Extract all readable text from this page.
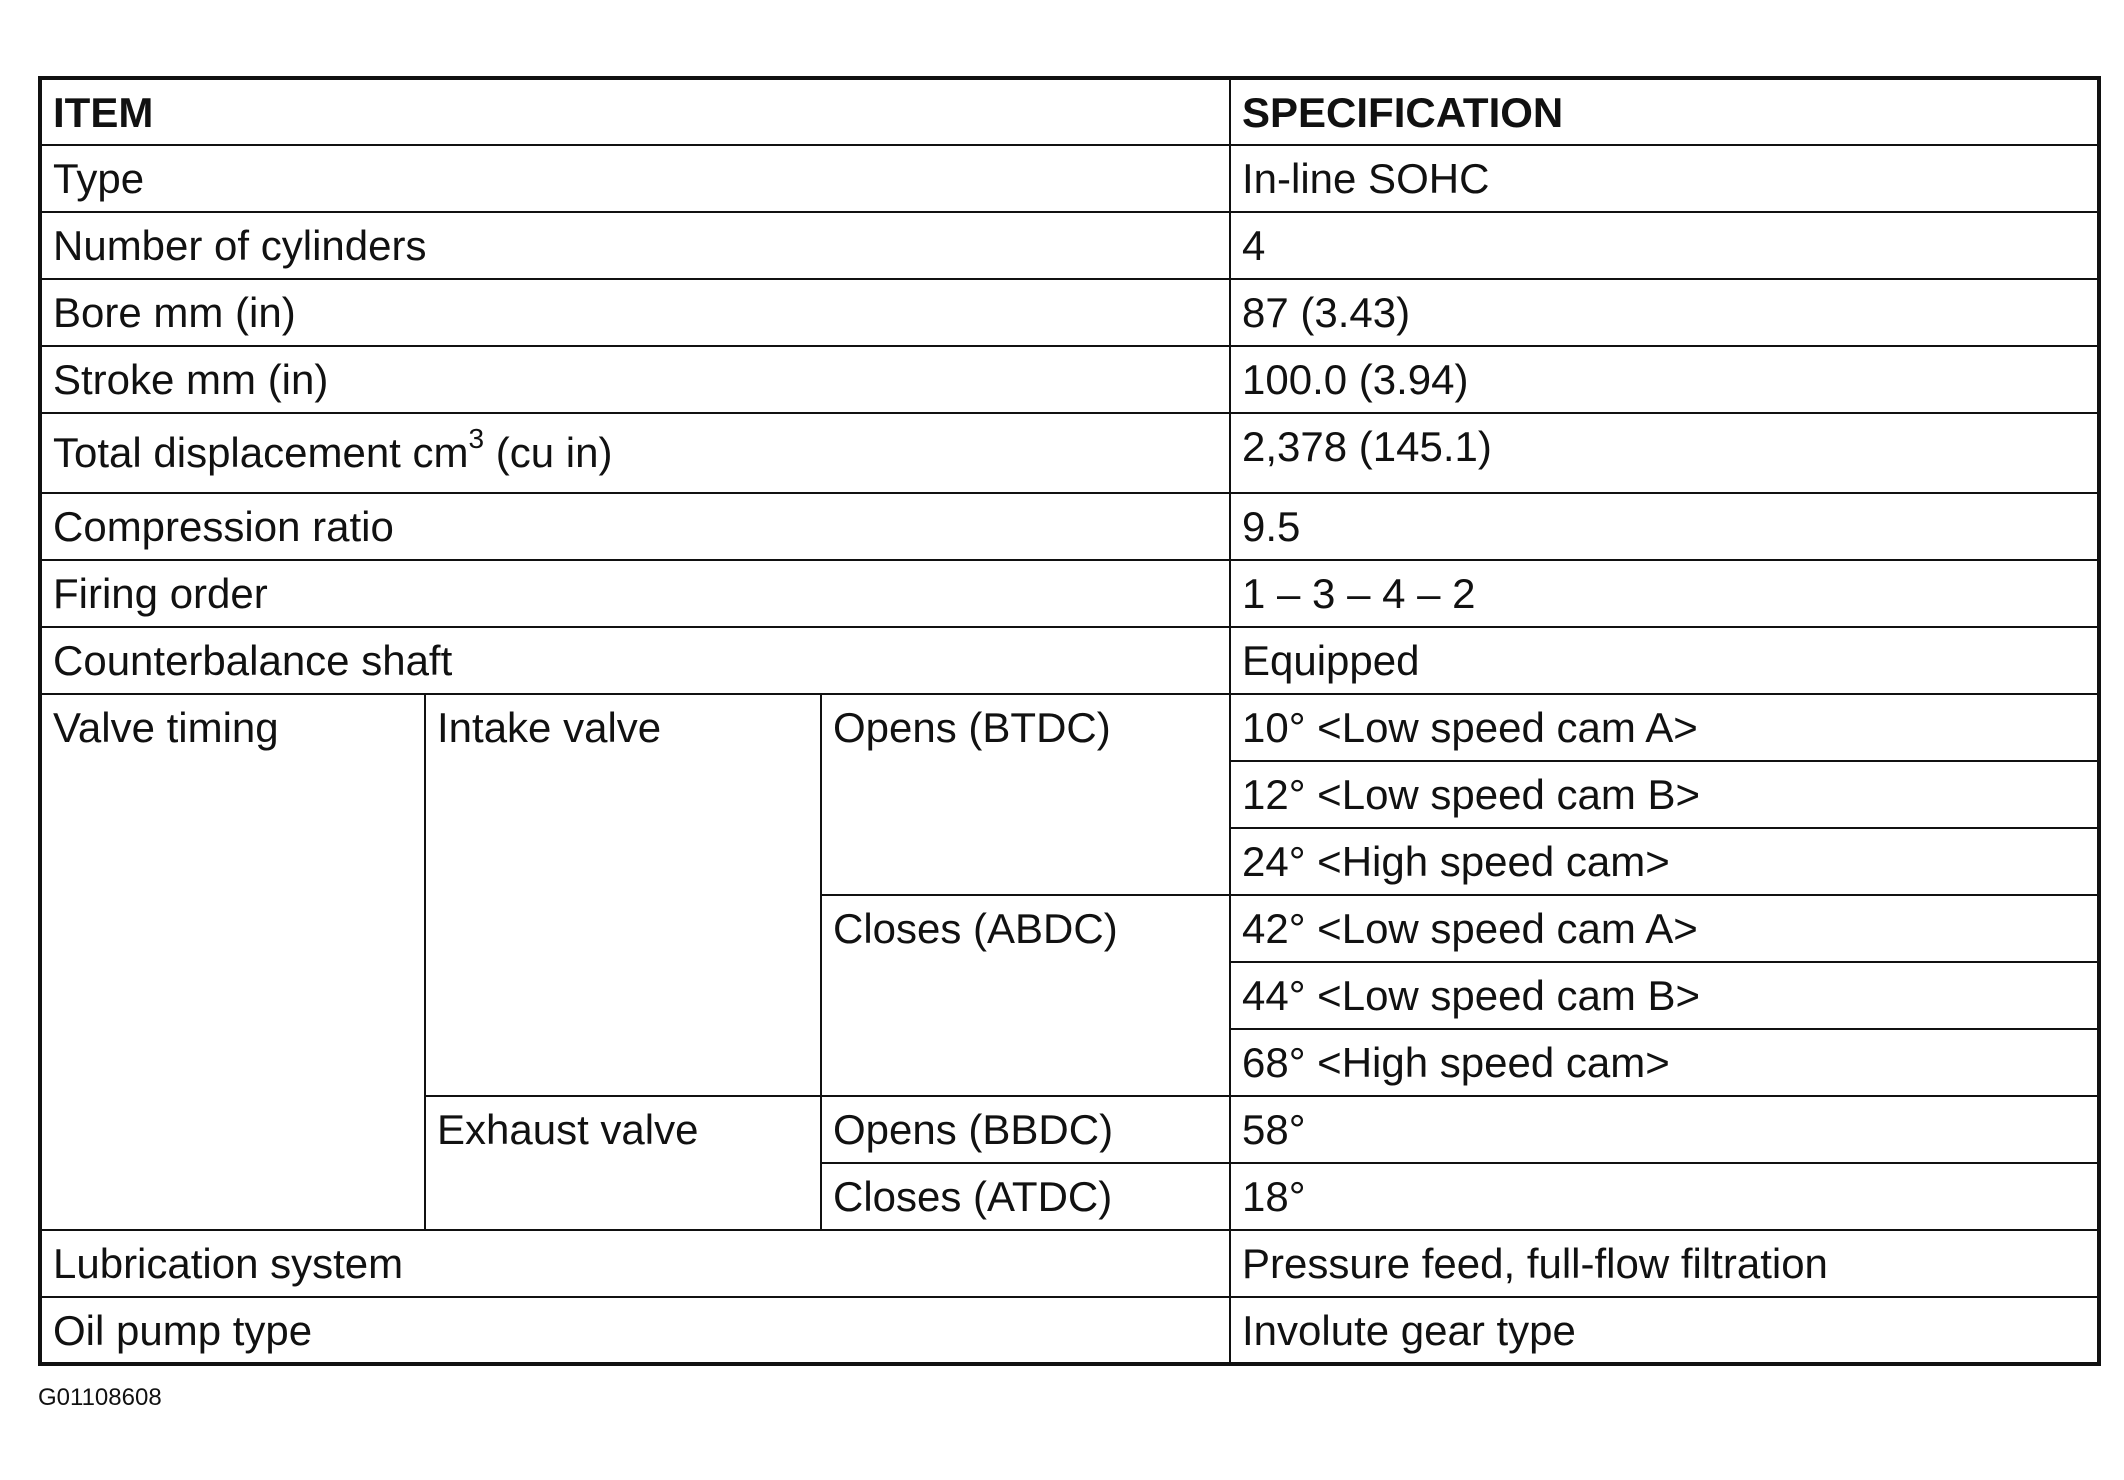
ITEM			SPECIFICATION
Type			In-line SOHC
Number of cylinders			4
Bore mm (in)			87 (3.43)
Stroke mm (in)			100.0 (3.94)
Total displacement $cm^3$ (cu in)			2,378 (145.1)
Compression ratio			9.5
Firing order			1 – 3 – 4 – 2
Counterbalance shaft			Equipped
Valve timing	Intake valve	Opens (BTDC)	10° <Low speed cam A>
			12° <Low speed cam B>
			24° <High speed cam>
		Closes (ABDC)	42° <Low speed cam A>
			44° <Low speed cam B>
			68° <High speed cam>
	Exhaust valve	Opens (BBDC)	58°
		Closes (ATDC)	18°
Lubrication system			Pressure feed, full-flow filtration
Oil pump type			Involute gear type
G01108608
